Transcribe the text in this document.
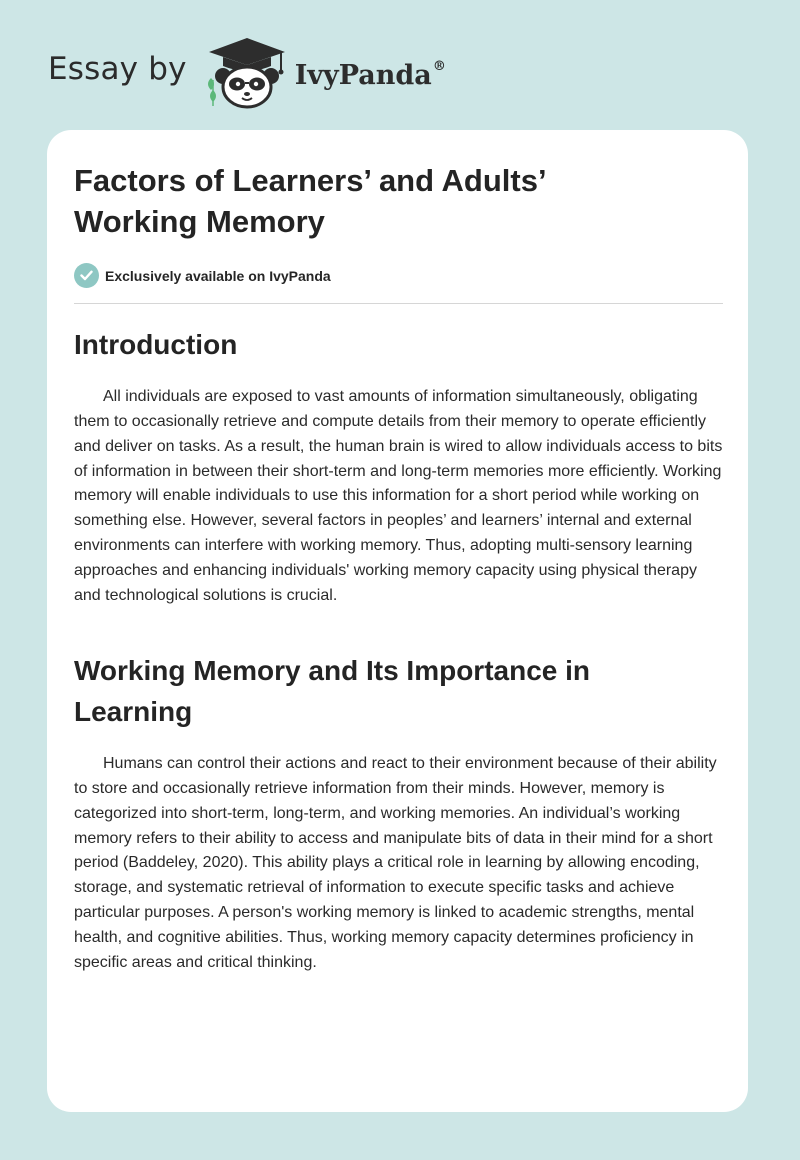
Essay by	IvyPanda®
Factors of Learners’ and Adults’ Working Memory
Exclusively available on IvyPanda
Introduction

All individuals are exposed to vast amounts of information simultaneously, obligating them to occasionally retrieve and compute details from their memory to operate efficiently and deliver on tasks. As a result, the human brain is wired to allow individuals access to bits of information in between their short-term and long-term memories more efficiently. Working memory will enable individuals to use this information for a short period while working on something else. However, several factors in peoples’ and learners’ internal and external environments can interfere with working memory. Thus, adopting multi-sensory learning approaches and enhancing individuals' working memory capacity using physical therapy and technological solutions is crucial.

Working Memory and Its Importance in Learning

Humans can control their actions and react to their environment because of their ability to store and occasionally retrieve information from their minds. However, memory is categorized into short-term, long-term, and working memories. An individual’s working memory refers to their ability to access and manipulate bits of data in their mind for a short period (Baddeley, 2020). This ability plays a critical role in learning by allowing encoding, storage, and systematic retrieval of information to execute specific tasks and achieve particular purposes. A person's working memory is linked to academic strengths, mental health, and cognitive abilities. Thus, working memory capacity determines proficiency in specific areas and critical thinking.
